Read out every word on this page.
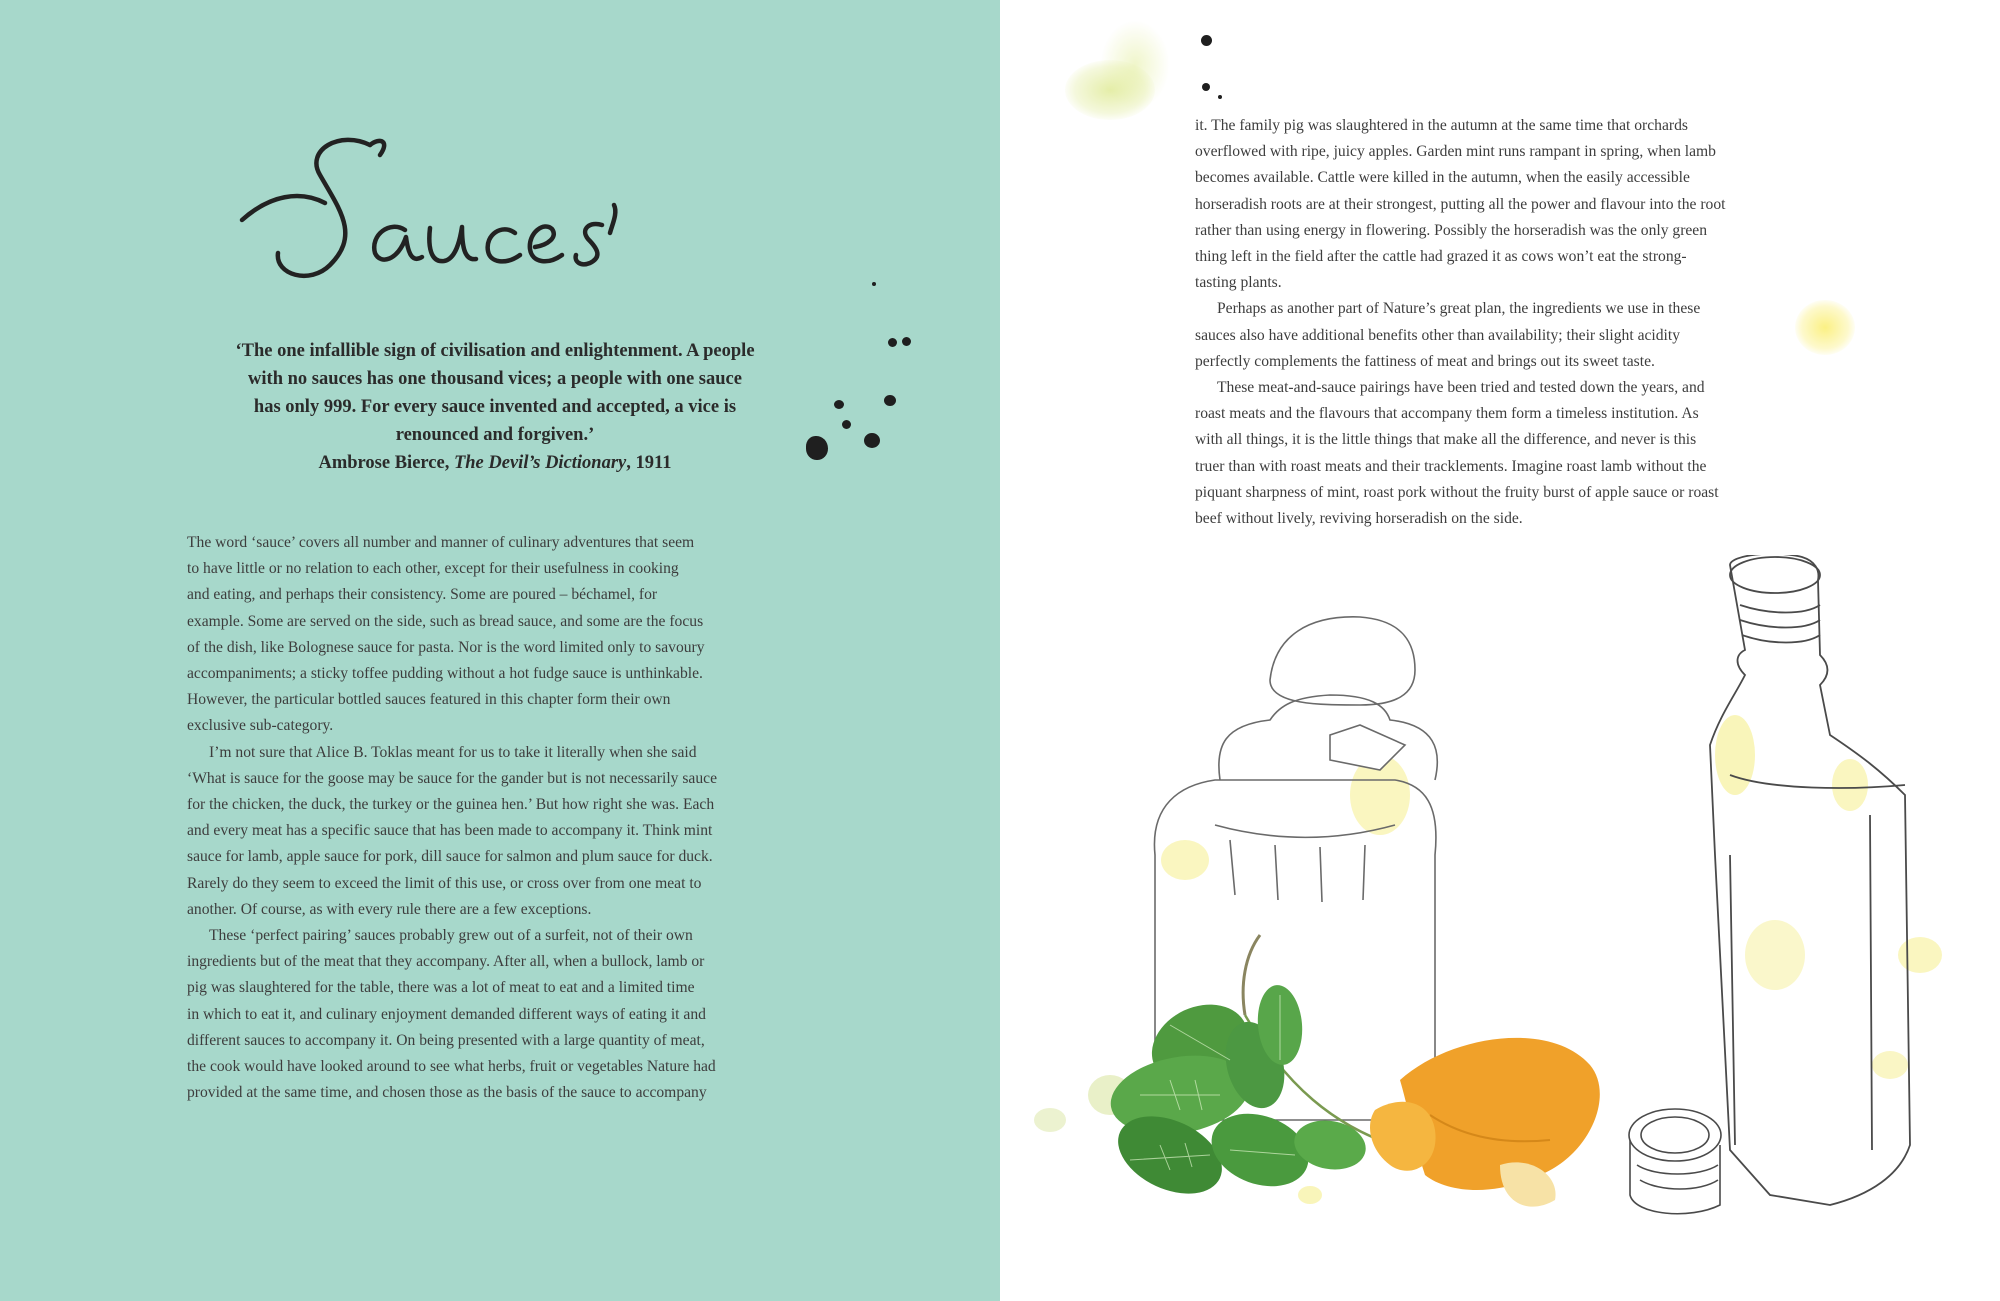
‘The one infallible sign of civilisation and enlightenment. A people
with no sauces has one thousand vices; a people with one sauce
has only 999. For every sauce invented and accepted, a vice is
renounced and forgiven.’
Ambrose Bierce, The Devil’s Dictionary, 1911

The word ‘sauce’ covers all number and manner of culinary adventures that seem
to have little or no relation to each other, except for their usefulness in cooking
and eating, and perhaps their consistency. Some are poured – béchamel, for
example. Some are served on the side, such as bread sauce, and some are the focus
of the dish, like Bolognese sauce for pasta. Nor is the word limited only to savoury
accompaniments; a sticky toffee pudding without a hot fudge sauce is unthinkable.
However, the particular bottled sauces featured in this chapter form their own
exclusive sub-category.

I’m not sure that Alice B. Toklas meant for us to take it literally when she said
‘What is sauce for the goose may be sauce for the gander but is not necessarily sauce
for the chicken, the duck, the turkey or the guinea hen.’ But how right she was. Each
and every meat has a specific sauce that has been made to accompany it. Think mint
sauce for lamb, apple sauce for pork, dill sauce for salmon and plum sauce for duck.
Rarely do they seem to exceed the limit of this use, or cross over from one meat to
another. Of course, as with every rule there are a few exceptions.

These ‘perfect pairing’ sauces probably grew out of a surfeit, not of their own
ingredients but of the meat that they accompany. After all, when a bullock, lamb or
pig was slaughtered for the table, there was a lot of meat to eat and a limited time
in which to eat it, and culinary enjoyment demanded different ways of eating it and
different sauces to accompany it. On being presented with a large quantity of meat,
the cook would have looked around to see what herbs, fruit or vegetables Nature had
provided at the same time, and chosen those as the basis of the sauce to accompany

it. The family pig was slaughtered in the autumn at the same time that orchards
overflowed with ripe, juicy apples. Garden mint runs rampant in spring, when lamb
becomes available. Cattle were killed in the autumn, when the easily accessible
horseradish roots are at their strongest, putting all the power and flavour into the root
rather than using energy in flowering. Possibly the horseradish was the only green
thing left in the field after the cattle had grazed it as cows won’t eat the strong-
tasting plants.

Perhaps as another part of Nature’s great plan, the ingredients we use in these
sauces also have additional benefits other than availability; their slight acidity
perfectly complements the fattiness of meat and brings out its sweet taste.

These meat-and-sauce pairings have been tried and tested down the years, and
roast meats and the flavours that accompany them form a timeless institution. As
with all things, it is the little things that make all the difference, and never is this
truer than with roast meats and their tracklements. Imagine roast lamb without the
piquant sharpness of mint, roast pork without the fruity burst of apple sauce or roast
beef without lively, reviving horseradish on the side.
